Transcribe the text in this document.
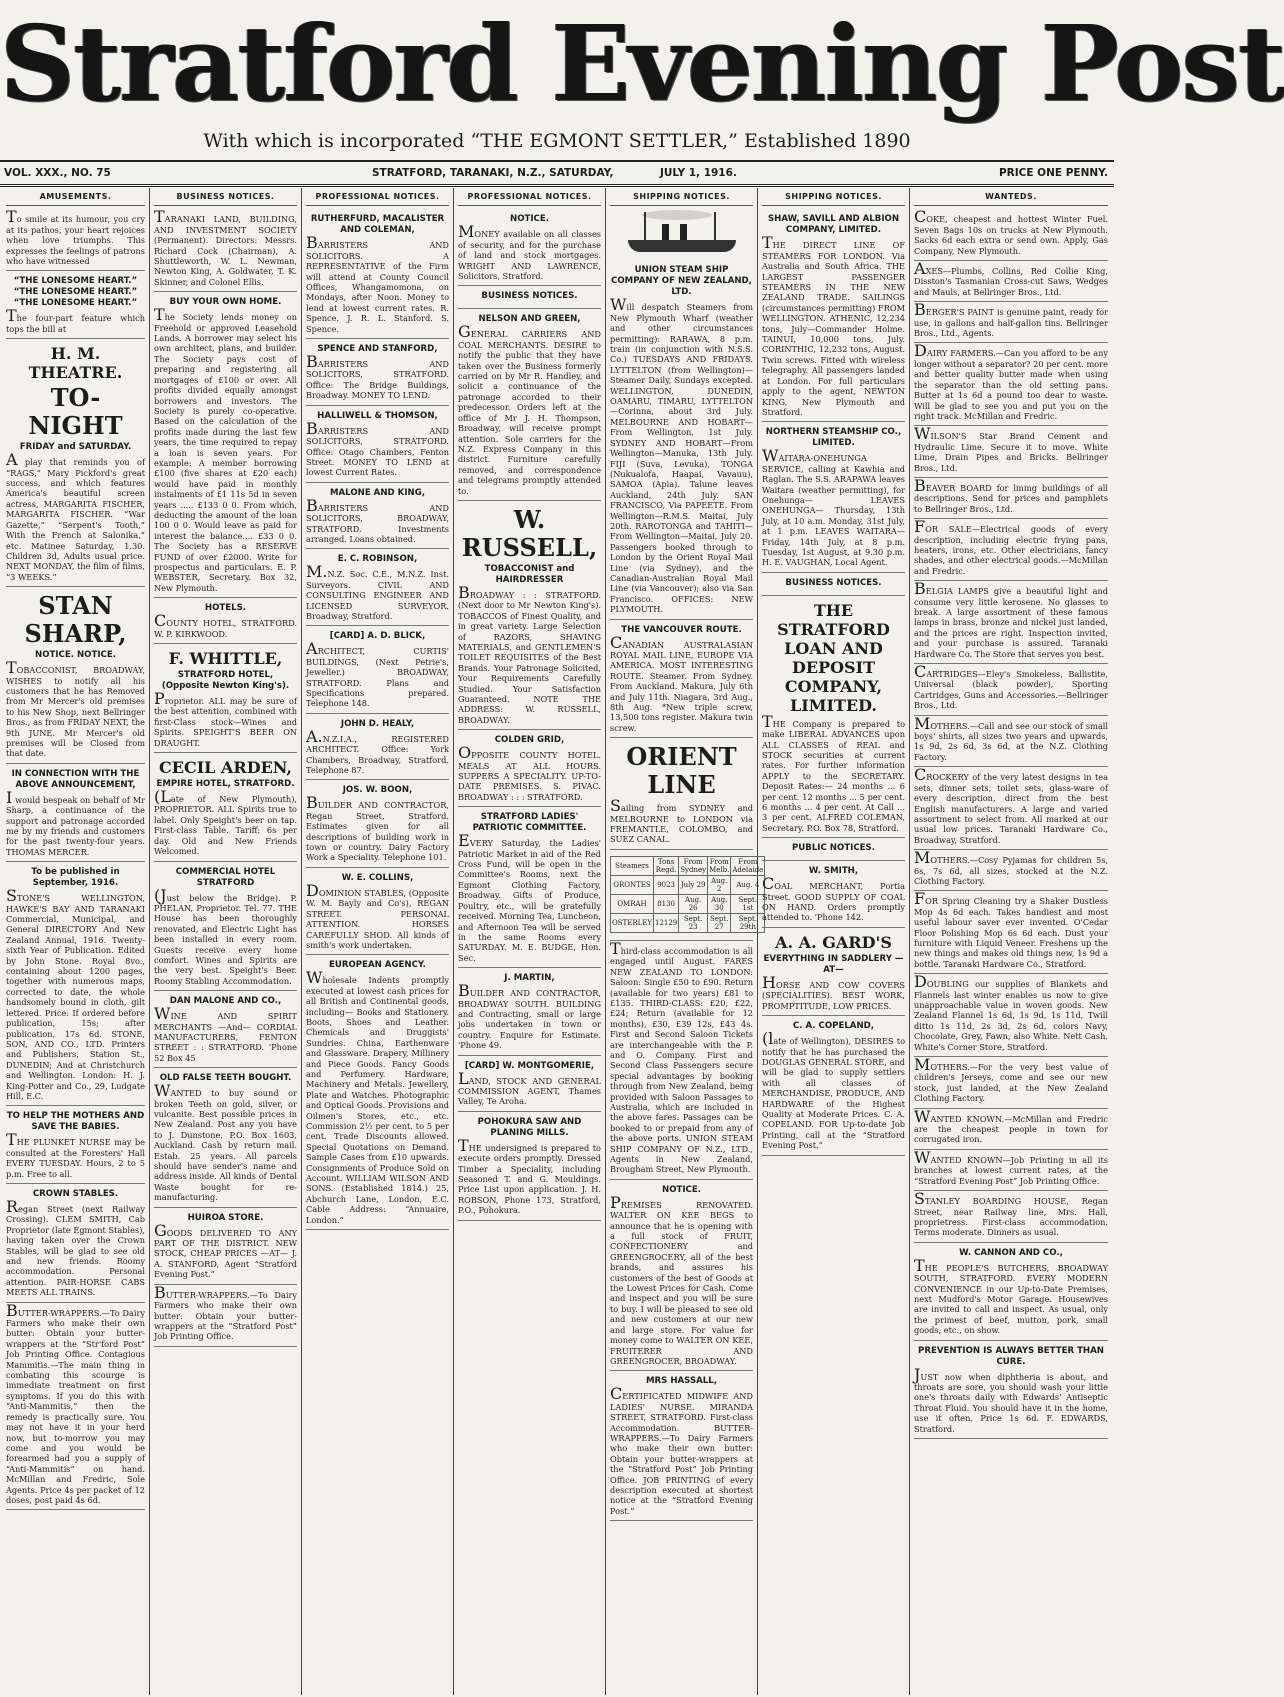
Stratford Evening Post
With which is incorporated “THE EGMONT SETTLER,” Established 1890
VOL. XXX., NO. 75	STRATFORD, TARANAKI, N.Z., SATURDAY,	JULY 1, 1916.	PRICE ONE PENNY.
AMUSEMENTS.

To smile at its humour, you cry at its pathos, your heart rejoices when love triumphs. This expresses the feelings of patrons who have witnessed

“THE LONESOME HEART.” “THE LONESOME HEART.” “THE LONESOME HEART.”

The four-part feature which tops the bill at

H. M. THEATRE.
TO-NIGHT
FRIDAY and SATURDAY.

A play that reminds you of “RAGS,” Mary Pickford's great success, and which features America's beautiful screen actress, MARGARITA FISCHER, MARGARITA FISCHER. “War Gazette,” “Serpent's Tooth,” With the French at Salonika,” etc. Matinee Saturday, 1.30. Children 3d, Adults usual price. NEXT MONDAY, the film of films, “3 WEEKS.”

STAN SHARP,
NOTICE. NOTICE.

TOBACCONIST, BROADWAY, WISHES to notify all his customers that he has Removed from Mr Mercer's old premises to his New Shop, next Bellringer Bros., as from FRIDAY NEXT, the 9th JUNE. Mr Mercer's old premises will be Closed from that date.

IN CONNECTION WITH THE ABOVE ANNOUNCEMENT,

I would bespeak on behalf of Mr Sharp, a continuance of the support and patronage accorded me by my friends and customers for the past twenty-four years. THOMAS MERCER.

To be published in September, 1916.

STONE'S WELLINGTON, HAWKE'S BAY AND TARANAKI Commercial, Municipal, and General DIRECTORY And New Zealand Annual, 1916. Twenty-sixth Year of Publication. Edited by John Stone. Royal 8vo., containing about 1200 pages, together with numerous maps, corrected to date, the whole handsomely bound in cloth, gilt lettered. Price: If ordered before publication, 15s; after publication, 17s 6d. STONE, SON, AND CO., LTD. Printers and Publishers, Station St., DUNEDIN; And at Christchurch and Wellington. London: H. J. King-Potter and Co., 29, Ludgate Hill, E.C.

TO HELP THE MOTHERS AND SAVE THE BABIES.

THE PLUNKET NURSE may be consulted at the Foresters' Hall EVERY TUESDAY. Hours, 2 to 5 p.m. Free to all.

CROWN STABLES.

Regan Street (next Railway Crossing). CLEM SMITH, Cab Proprietor (late Egmont Stables), having taken over the Crown Stables, will be glad to see old and new friends. Roomy accommodation. Personal attention. PAIR-HORSE CABS MEETS ALL TRAINS.

BUTTER-WRAPPERS.—To Dairy Farmers who make their own butter: Obtain your butter-wrappers at the “Str'ford Post” Job Printing Office. Contagious Mammitis.—The main thing in combating this scourge is immediate treatment on first symptoms. If you do this with “Anti-Mammitis,” then the remedy is practically sure. You may not have it in your herd now, but to-morrow you may come and you would be forearmed had you a supply of “Anti-Mammitis” on hand. McMillan and Fredric, Sole Agents. Price 4s per packet of 12 doses, post paid 4s 6d.

BUSINESS NOTICES.

TARANAKI LAND, BUILDING, AND INVESTMENT SOCIETY (Permanent). Directors: Messrs. Richard Cock (Chairman), A. Shuttleworth, W. L. Newman, Newton King, A. Goldwater, T. K. Skinner, and Colonel Ellis.

BUY YOUR OWN HOME.

The Society lends money on Freehold or approved Leasehold Lands. A borrower may select his own architect, plans, and builder. The Society pays cost of preparing and registering all mortgages of £100 or over. All profits divided equally amongst borrowers and investors. The Society is purely co-operative. Based on the calculation of the profits made during the last few years, the time required to repay a loan is seven years. For example: A member borrowing £100 (five shares at £20 each) would have paid in monthly instalments of £1 11s 5d in seven years ..... £133 0 0. From which, deducting the amount of the loan 100 0 0. Would leave as paid for interest the balance.... £33 0 0. The Society has a RESERVE FUND of over £2000. Write for prospectus and particulars. E. P. WEBSTER, Secretary. Box 32, New Plymouth.

HOTELS.

COUNTY HOTEL, STRATFORD. W. P. KIRKWOOD.

F. WHITTLE,
STRATFORD HOTEL, (Opposite Newton King's).

Proprietor. ALL may be sure of the best attention, combined with first-Class stock—Wines and Spirits. SPEIGHT'S BEER ON DRAUGHT.

CECIL ARDEN,
EMPIRE HOTEL, STRATFORD.

(Late of New Plymouth), PROPRIETOR. ALL Spirits true to label. Only Speight's beer on tap. First-class Table. Tariff: 6s per day. Old and New Friends Welcomed.

COMMERCIAL HOTEL STRATFORD

(Just below the Bridge). P. PHELAN, Proprietor. Tel. 77. THE House has been thoroughly renovated, and Electric Light has been installed in every room. Guests receive every home comfort. Wines and Spirits are the very best. Speight's Beer. Roomy Stabling Accommodation.

DAN MALONE AND CO.,

WINE AND SPIRIT MERCHANTS —And— CORDIAL MANUFACTURERS, FENTON STREET : : STRATFORD. 'Phone 52 Box 45

OLD FALSE TEETH BOUGHT.

WANTED to buy sound or broken Teeth on gold, silver, or vulcanite. Best possible prices in New Zealand. Post any you have to J. Dunstone, P.O. Box 1603, Auckland. Cash by return mail. Estab. 25 years. All parcels should have sender's name and address inside. All kinds of Dental Waste bought for re-manufacturing.

HUIROA STORE.

GOODS DELIVERED TO ANY PART OF THE DISTRICT. NEW STOCK, CHEAP PRICES —AT— J. A. STANFORD, Agent “Stratford Evening Post.”

BUTTER-WRAPPERS.—To Dairy Farmers who make their own butter: Obtain your butter-wrappers at the “Stratford Post” Job Printing Office.

PROFESSIONAL NOTICES.
RUTHERFURD, MACALISTER AND COLEMAN,

BARRISTERS AND SOLICITORS. A REPRESENTATIVE of the Firm will attend at County Council Offices, Whangamomona, on Mondays, after Noon. Money to lend at lowest current rates. R. Spence. J. R. L. Stanford. S. Spence.

SPENCE AND STANFORD,

BARRISTERS AND SOLICITORS, STRATFORD. Office: The Bridge Buildings, Broadway. MONEY TO LEND.

HALLIWELL & THOMSON,

BARRISTERS AND SOLICITORS, STRATFORD. Office: Otago Chambers, Fenton Street. MONEY TO LEND at lowest Current Rates.

MALONE AND KING,

BARRISTERS AND SOLICITORS, BROADWAY, STRATFORD. Investments arranged. Loans obtained.

E. C. ROBINSON,

M.N.Z. Soc. C.E., M.N.Z. Inst. Surveyors. CIVIL AND CONSULTING ENGINEER AND LICENSED SURVEYOR. Broadway, Stratford.

[CARD] A. D. BLICK,

ARCHITECT, CURTIS' BUILDINGS, (Next Petrie's, Jeweller.) BROADWAY, STRATFORD. Plans and Specifications prepared. Telephone 148.

JOHN D. HEALY,

A.N.Z.I.A., REGISTERED ARCHITECT. Office: York Chambers, Broadway, Stratford. Telephone 87.

JOS. W. BOON,

BUILDER AND CONTRACTOR, Regan Street, Stratford. Estimates given for all descriptions of building work in town or country. Dairy Factory Work a Speciality. Telephone 101.

W. E. COLLINS,

DOMINION STABLES, (Opposite W. M. Bayly and Co's), REGAN STREET. PERSONAL ATTENTION. HORSES CAREFULLY SHOD. All kinds of smith's work undertaken.

EUROPEAN AGENCY.

Wholesale Indents promptly executed at lowest cash prices for all British and Continental goods, including— Books and Stationery. Boots, Shoes and Leather. Chemicals and Druggists' Sundries. China, Earthenware and Glassware. Drapery, Millinery and Piece Goods. Fancy Goods and Perfumery. Hardware, Machinery and Metals. Jewellery, Plate and Watches. Photographic and Optical Goods. Provisions and Oilmen's Stores, etc., etc. Commission 2½ per cent. to 5 per cent. Trade Discounts allowed. Special Quotations on Demand. Sample Cases from £10 upwards. Consignments of Produce Sold on Account. WILLIAM WILSON AND SONS. (Established 1814.) 25, Abchurch Lane, London, E.C. Cable Address: “Annuaire, London.”

PROFESSIONAL NOTICES.
NOTICE.

MONEY available on all classes of security, and for the purchase of land and stock mortgages. WRIGHT AND LAWRENCE, Solicitors, Stratford.

BUSINESS NOTICES.
NELSON AND GREEN,

GENERAL CARRIERS AND COAL MERCHANTS. DESIRE to notify the public that they have taken over the Business formerly carried on by Mr R. Handley, and solicit a continuance of the patronage accorded to their predecessor. Orders left at the office of Mr J. H. Thompson, Broadway, will receive prompt attention. Sole carriers for the N.Z. Express Company in this district. Furniture carefully removed, and correspondence and telegrams promptly attended to.

W. RUSSELL,
TOBACCONIST and HAIRDRESSER

BROADWAY : : STRATFORD. (Next door to Mr Newton King's). TOBACCOS of Finest Quality, and in great variety. Large Selection of RAZORS, SHAVING MATERIALS, and GENTLEMEN'S TOILET REQUISITES of the Best Brands. Your Patronage Solicited, Your Requirements Carefully Studied. Your Satisfaction Guaranteed. NOTE THE ADDRESS: W. RUSSELL, BROADWAY.

COLDEN GRID,

OPPOSITE COUNTY HOTEL. MEALS AT ALL HOURS. SUPPERS A SPECIALITY. UP-TO-DATE PREMISES. S. PIVAC. BROADWAY : : : STRATFORD.

STRATFORD LADIES' PATRIOTIC COMMITTEE.

EVERY Saturday, the Ladies' Patriotic Market in aid of the Red Cross Fund, will be open in the Committee's Rooms, next the Egmont Clothing Factory, Broadway. Gifts of Produce, Poultry, etc., will be gratefully received. Morning Tea, Luncheon, and Afternoon Tea will be served in the same Rooms every SATURDAY. M. E. BUDGE, Hon. Sec.

J. MARTIN,

BUILDER AND CONTRACTOR, BROADWAY SOUTH. BUILDING and Contracting, small or large jobs undertaken in town or country. Enquire for Estimate. 'Phone 49.

[CARD] W. MONTGOMERIE,

LAND, STOCK AND GENERAL COMMISSION AGENT, Thames Valley, Te Aroha.

POHOKURA SAW AND PLANING MILLS.

THE undersigned is prepared to execute orders promptly. Dressed Timber a Speciality, including Seasoned T. and G. Mouldings. Price List upon application. J. H. ROBSON, Phone 173, Stratford, P.O., Pohokura.

SHIPPING NOTICES.
UNION STEAM SHIP COMPANY OF NEW ZEALAND, LTD.

Will despatch Steamers from New Plymouth Wharf (weather and other circumstances permitting): RARAWA, 8 p.m. train (in conjunction with N.S.S. Co.) TUESDAYS AND FRIDAYS. LYTTELTON (from Wellington)—Steamer Daily, Sundays excepted. WELLINGTON, DUNEDIN, OAMARU, TIMARU, LYTTELTON—Corinna, about 3rd July. MELBOURNE AND HOBART—From Wellington, 1st July. SYDNEY AND HOBART—From Wellington—Manuka, 13th July. FIJI (Suva, Levuka), TONGA (Nukualofa, Haapai, Vavauu), SAMOA (Apia). Talune leaves Auckland, 24th July. SAN FRANCISCO, Via PAPEETE. From Wellington—R.M.S. Maitai, July 20th. RAROTONGA and TAHITI—From Wellington—Maitai, July 20. Passengers booked through to London by the Orient Royal Mail Line (via Sydney), and the Canadian-Australian Royal Mail Line (via Vancouver); also via San Francisco. OFFICES: NEW PLYMOUTH.

THE VANCOUVER ROUTE.

CANADIAN AUSTRALASIAN ROYAL MAIL LINE, EUROPE VIA AMERICA. MOST INTERESTING ROUTE. Steamer. From Sydney. From Auckland. Makura, July 6th and July 11th. Niagara, 3rd Aug., 8th Aug. *New triple screw, 13,500 tons register. Makura twin screw.

ORIENT LINE

Sailing from SYDNEY and MELBOURNE to LONDON via FREMANTLE, COLOMBO, and SUEZ CANAL.

Steamers	Tons Regd.	From Sydney	From Melb.	From Adelaide
ORONTES	9023	July 29	Aug. 2	Aug. 4
OMRAH	8130	Aug. 26	Aug. 30	Sept. 1st
OSTERLEY	12129	Sept. 23	Sept. 27	Sept. 29th

Third-class accommodation is all engaged until August. FARES NEW ZEALAND TO LONDON: Saloon: Single £50 to £90. Return (available for two years) £81 to £135. THIRD-CLASS: £20, £22, £24; Return (available for 12 months), £30, £39 12s, £43 4s. First and Second Saloon Tickets are interchangeable with the P. and O. Company. First and Second Class Passengers secure special advantages by booking through from New Zealand, being provided with Saloon Passages to Australia, which are included in the above fares. Passages can be booked to or prepaid from any of the above ports. UNION STEAM SHIP COMPANY OF N.Z., LTD., Agents in New Zealand, Brougham Street, New Plymouth.

NOTICE.

PREMISES RENOVATED. WALTER ON KEE BEGS to announce that he is opening with a full stock of FRUIT, CONFECTIONERY and GREENGROCERY, all of the best brands, and assures his customers of the best of Goods at the Lowest Prices for Cash. Come and inspect and you will be sure to buy. I will be pleased to see old and new customers at our new and large store. For value for money come to WALTER ON KEE, FRUITERER AND GREENGROCER, BROADWAY.

MRS HASSALL,

CERTIFICATED MIDWIFE AND LADIES' NURSE. MIRANDA STREET, STRATFORD. First-class Accommodation. BUTTER-WRAPPERS.—To Dairy Farmers who make their own butter: Obtain your butter-wrappers at the “Stratford Post” Job Printing Office. JOB PRINTING of every description executed at shortest notice at the “Stratford Evening Post.”

SHIPPING NOTICES.
SHAW, SAVILL AND ALBION COMPANY, LIMITED.

THE DIRECT LINE OF STEAMERS FOR LONDON. Via Australia and South Africa. THE LARGEST PASSENGER STEAMERS IN THE NEW ZEALAND TRADE. SAILINGS (circumstances permitting) FROM WELLINGTON. ATHENIC, 12,234 tons, July—Commander Holme. TAINUI, 10,000 tons, July. CORINTHIC, 12,232 tons, August. Twin screws. Fitted with wireless telegraphy. All passengers landed at London. For full particulars apply to the agent, NEWTON KING, New Plymouth and Stratford.

NORTHERN STEAMSHIP CO., LIMITED.

WAITARA-ONEHUNGA SERVICE, calling at Kawhia and Raglan. The S.S. ARAPAWA leaves Waitara (weather permitting), for Onehunga— LEAVES ONEHUNGA— Thursday, 13th July, at 10 a.m. Monday, 31st July, at 1 p.m. LEAVES WAITARA— Friday, 14th July, at 8 p.m. Tuesday, 1st August, at 9.30 p.m. H. E. VAUGHAN, Local Agent.

BUSINESS NOTICES.
THE STRATFORD LOAN AND DEPOSIT COMPANY, LIMITED.

THE Company is prepared to make LIBERAL ADVANCES upon ALL CLASSES of REAL and STOCK securities at current rates. For further information APPLY to the SECRETARY. Deposit Rates:— 24 months ... 6 per cent. 12 months ... 5 per cent. 6 months ... 4 per cent. At Call ... 3 per cent. ALFRED COLEMAN, Secretary. P.O. Box 78, Stratford.

PUBLIC NOTICES.
W. SMITH,

COAL MERCHANT, Portia Street. GOOD SUPPLY OF COAL ON HAND. Orders promptly attended to. 'Phone 142.

A. A. GARD'S
EVERYTHING IN SADDLERY —AT—

HORSE AND COW COVERS (SPECIALITIES). BEST WORK, PROMPTITUDE, LOW PRICES.

C. A. COPELAND,

(late of Wellington), DESIRES to notify that he has purchased the DOUGLAS GENERAL STORE, and will be glad to supply settlers with all classes of MERCHANDISE, PRODUCE, AND HARDWARE of the Highest Quality at Moderate Prices. C. A. COPELAND. FOR Up-to-date Job Printing, call at the “Stratford Evening Post.”

WANTEDS.

COKE, cheapest and hottest Winter Fuel. Seven Bags 10s on trucks at New Plymouth. Sacks 6d each extra or send own. Apply, Gas Company, New Plymouth.

AXES—Plumbs, Collins, Red Collie King, Disston's Tasmanian Cross-cut Saws, Wedges and Mauls, at Bellringer Bros., Ltd.

BERGER'S PAINT is genuine paint, ready for use, in gallons and half-gallon tins. Bellringer Bros., Ltd., Agents.

DAIRY FARMERS.—Can you afford to be any longer without a separator? 20 per cent. more and better quality butter made when using the separator than the old setting pans. Butter at 1s 6d a pound too dear to waste. Will be glad to see you and put you on the right track. McMillan and Fredric.

WILSON'S Star Brand Cement and Hydraulic Lime. Secure it to move. White Lime, Drain Pipes and Bricks. Bellringer Bros., Ltd.

BEAVER BOARD for lining buildings of all descriptions. Send for prices and pamphlets to Bellringer Bros., Ltd.

FOR SALE—Electrical goods of every description, including electric frying pans, heaters, irons, etc. Other electricians, fancy shades, and other electrical goods.—McMillan and Fredric.

BELGIA LAMPS give a beautiful light and consume very little kerosene. No glasses to break. A large assortment of these famous lamps in brass, bronze and nickel just landed, and the prices are right. Inspection invited, and your purchase is assured. Taranaki Hardware Co. The Store that serves you best.

CARTRIDGES—Eley's Smokeless, Ballistite, Universal (black powder), Sporting Cartridges, Guns and Accessories.—Bellringer Bros., Ltd.

MOTHERS.—Call and see our stock of small boys' shirts, all sizes two years and upwards, 1s 9d, 2s 6d, 3s 6d, at the N.Z. Clothing Factory.

CROCKERY of the very latest designs in tea sets, dinner sets, toilet sets, glass-ware of every description, direct from the best English manufacturers. A large and varied assortment to select from. All marked at our usual low prices. Taranaki Hardware Co., Broadway, Stratford.

MOTHERS.—Cosy Pyjamas for children 5s, 6s, 7s 6d, all sizes, stocked at the N.Z. Clothing Factory.

FOR Spring Cleaning try a Shaker Dustless Mop 4s 6d each. Takes handiest and most useful labour saver ever invented. O'Cedar Floor Polishing Mop 6s 6d each. Dust your furniture with Liquid Veneer. Freshens up the new things and makes old things new, 1s 9d a bottle. Taranaki Hardware Co., Stratford.

DOUBLING our supplies of Blankets and Flannels last winter enables us now to give unapproachable value in woven goods. New Zealand Flannel 1s 6d, 1s 9d, 1s 11d, Twill ditto 1s 11d, 2s 3d, 2s 6d, colors Navy, Chocolate, Grey, Fawn, also White. Nett Cash. White's Corner Store, Stratford.

MOTHERS.—For the very best value of children's Jerseys, come and see our new stock, just landed, at the New Zealand Clothing Factory.

WANTED KNOWN.—McMillan and Fredric are the cheapest people in town for corrugated iron.

WANTED KNOWN—Job Printing in all its branches at lowest current rates, at the “Stratford Evening Post” Job Printing Office.

STANLEY BOARDING HOUSE, Regan Street, near Railway line, Mrs. Hall, proprietress. First-class accommodation. Terms moderate. Dinners as usual.

W. CANNON AND CO.,

THE PEOPLE'S BUTCHERS, BROADWAY SOUTH, STRATFORD. EVERY MODERN CONVENIENCE in our Up-to-Date Premises, next Mudford's Motor Garage. Housewives are invited to call and inspect. As usual, only the primest of beef, mutton, pork, small goods, etc., on show.

PREVENTION IS ALWAYS BETTER THAN CURE.

JUST now when diphtheria is about, and throats are sore, you should wash your little one's throats daily with Edwards' Antiseptic Throat Fluid. You should have it in the home, use it often. Price 1s 6d. F. EDWARDS, Stratford.
